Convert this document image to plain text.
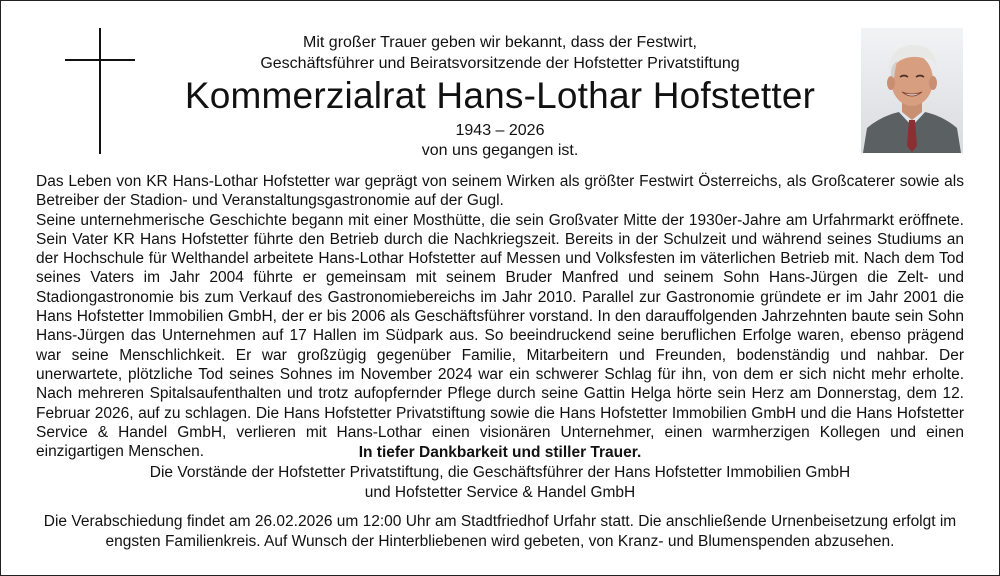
Mit großer Trauer geben wir bekannt, dass der Festwirt,
Geschäftsführer und Beiratsvorsitzende der Hofstetter Privatstiftung
Kommerzialrat Hans-Lothar Hofstetter
1943 – 2026
von uns gegangen ist.

Das Leben von KR Hans-Lothar Hofstetter war geprägt von seinem Wirken als größter Festwirt Österreichs, als Großcaterer sowie als Betreiber der Stadion- und Veranstaltungsgastronomie auf der Gugl.

Seine unternehmerische Geschichte begann mit einer Mosthütte, die sein Großvater Mitte der 1930er-Jahre am Urfahrmarkt eröffnete. Sein Vater KR Hans Hofstetter führte den Betrieb durch die Nachkriegszeit. Bereits in der Schulzeit und während seines Studiums an der Hochschule für Welthandel arbeitete Hans-Lothar Hofstetter auf Messen und Volksfesten im väterlichen Betrieb mit. Nach dem Tod seines Vaters im Jahr 2004 führte er gemeinsam mit seinem Bruder Manfred und seinem Sohn Hans-Jürgen die Zelt- und Stadiongastronomie bis zum Verkauf des Gastronomiebereichs im Jahr 2010. Parallel zur Gastronomie gründete er im Jahr 2001 die Hans Hofstetter Immobilien GmbH, der er bis 2006 als Geschäftsführer vorstand. In den darauffolgenden Jahrzehnten baute sein Sohn Hans-Jürgen das Unternehmen auf 17 Hallen im Südpark aus. So beeindruckend seine beruflichen Erfolge waren, ebenso prägend war seine Menschlichkeit. Er war großzügig gegenüber Familie, Mitarbeitern und Freunden, bodenständig und nahbar. Der unerwartete, plötzliche Tod seines Sohnes im November 2024 war ein schwerer Schlag für ihn, von dem er sich nicht mehr erholte. Nach mehreren Spitalsaufenthalten und trotz aufopfernder Pflege durch seine Gattin Helga hörte sein Herz am Donnerstag, dem 12. Februar 2026, auf zu schlagen. Die Hans Hofstetter Privatstiftung sowie die Hans Hofstetter Immobilien GmbH und die Hans Hofstetter Service & Handel GmbH, verlieren mit Hans-Lothar einen visionären Unternehmer, einen warmherzigen Kollegen und einen einzigartigen Menschen.	In tiefer Dankbarkeit und stiller Trauer.
Die Vorstände der Hofstetter Privatstiftung, die Geschäftsführer der Hans Hofstetter Immobilien GmbH
und Hofstetter Service & Handel GmbH
Die Verabschiedung findet am 26.02.2026 um 12:00 Uhr am Stadtfriedhof Urfahr statt. Die anschließende Urnenbeisetzung erfolgt im
engsten Familienkreis. Auf Wunsch der Hinterbliebenen wird gebeten, von Kranz- und Blumenspenden abzusehen.
